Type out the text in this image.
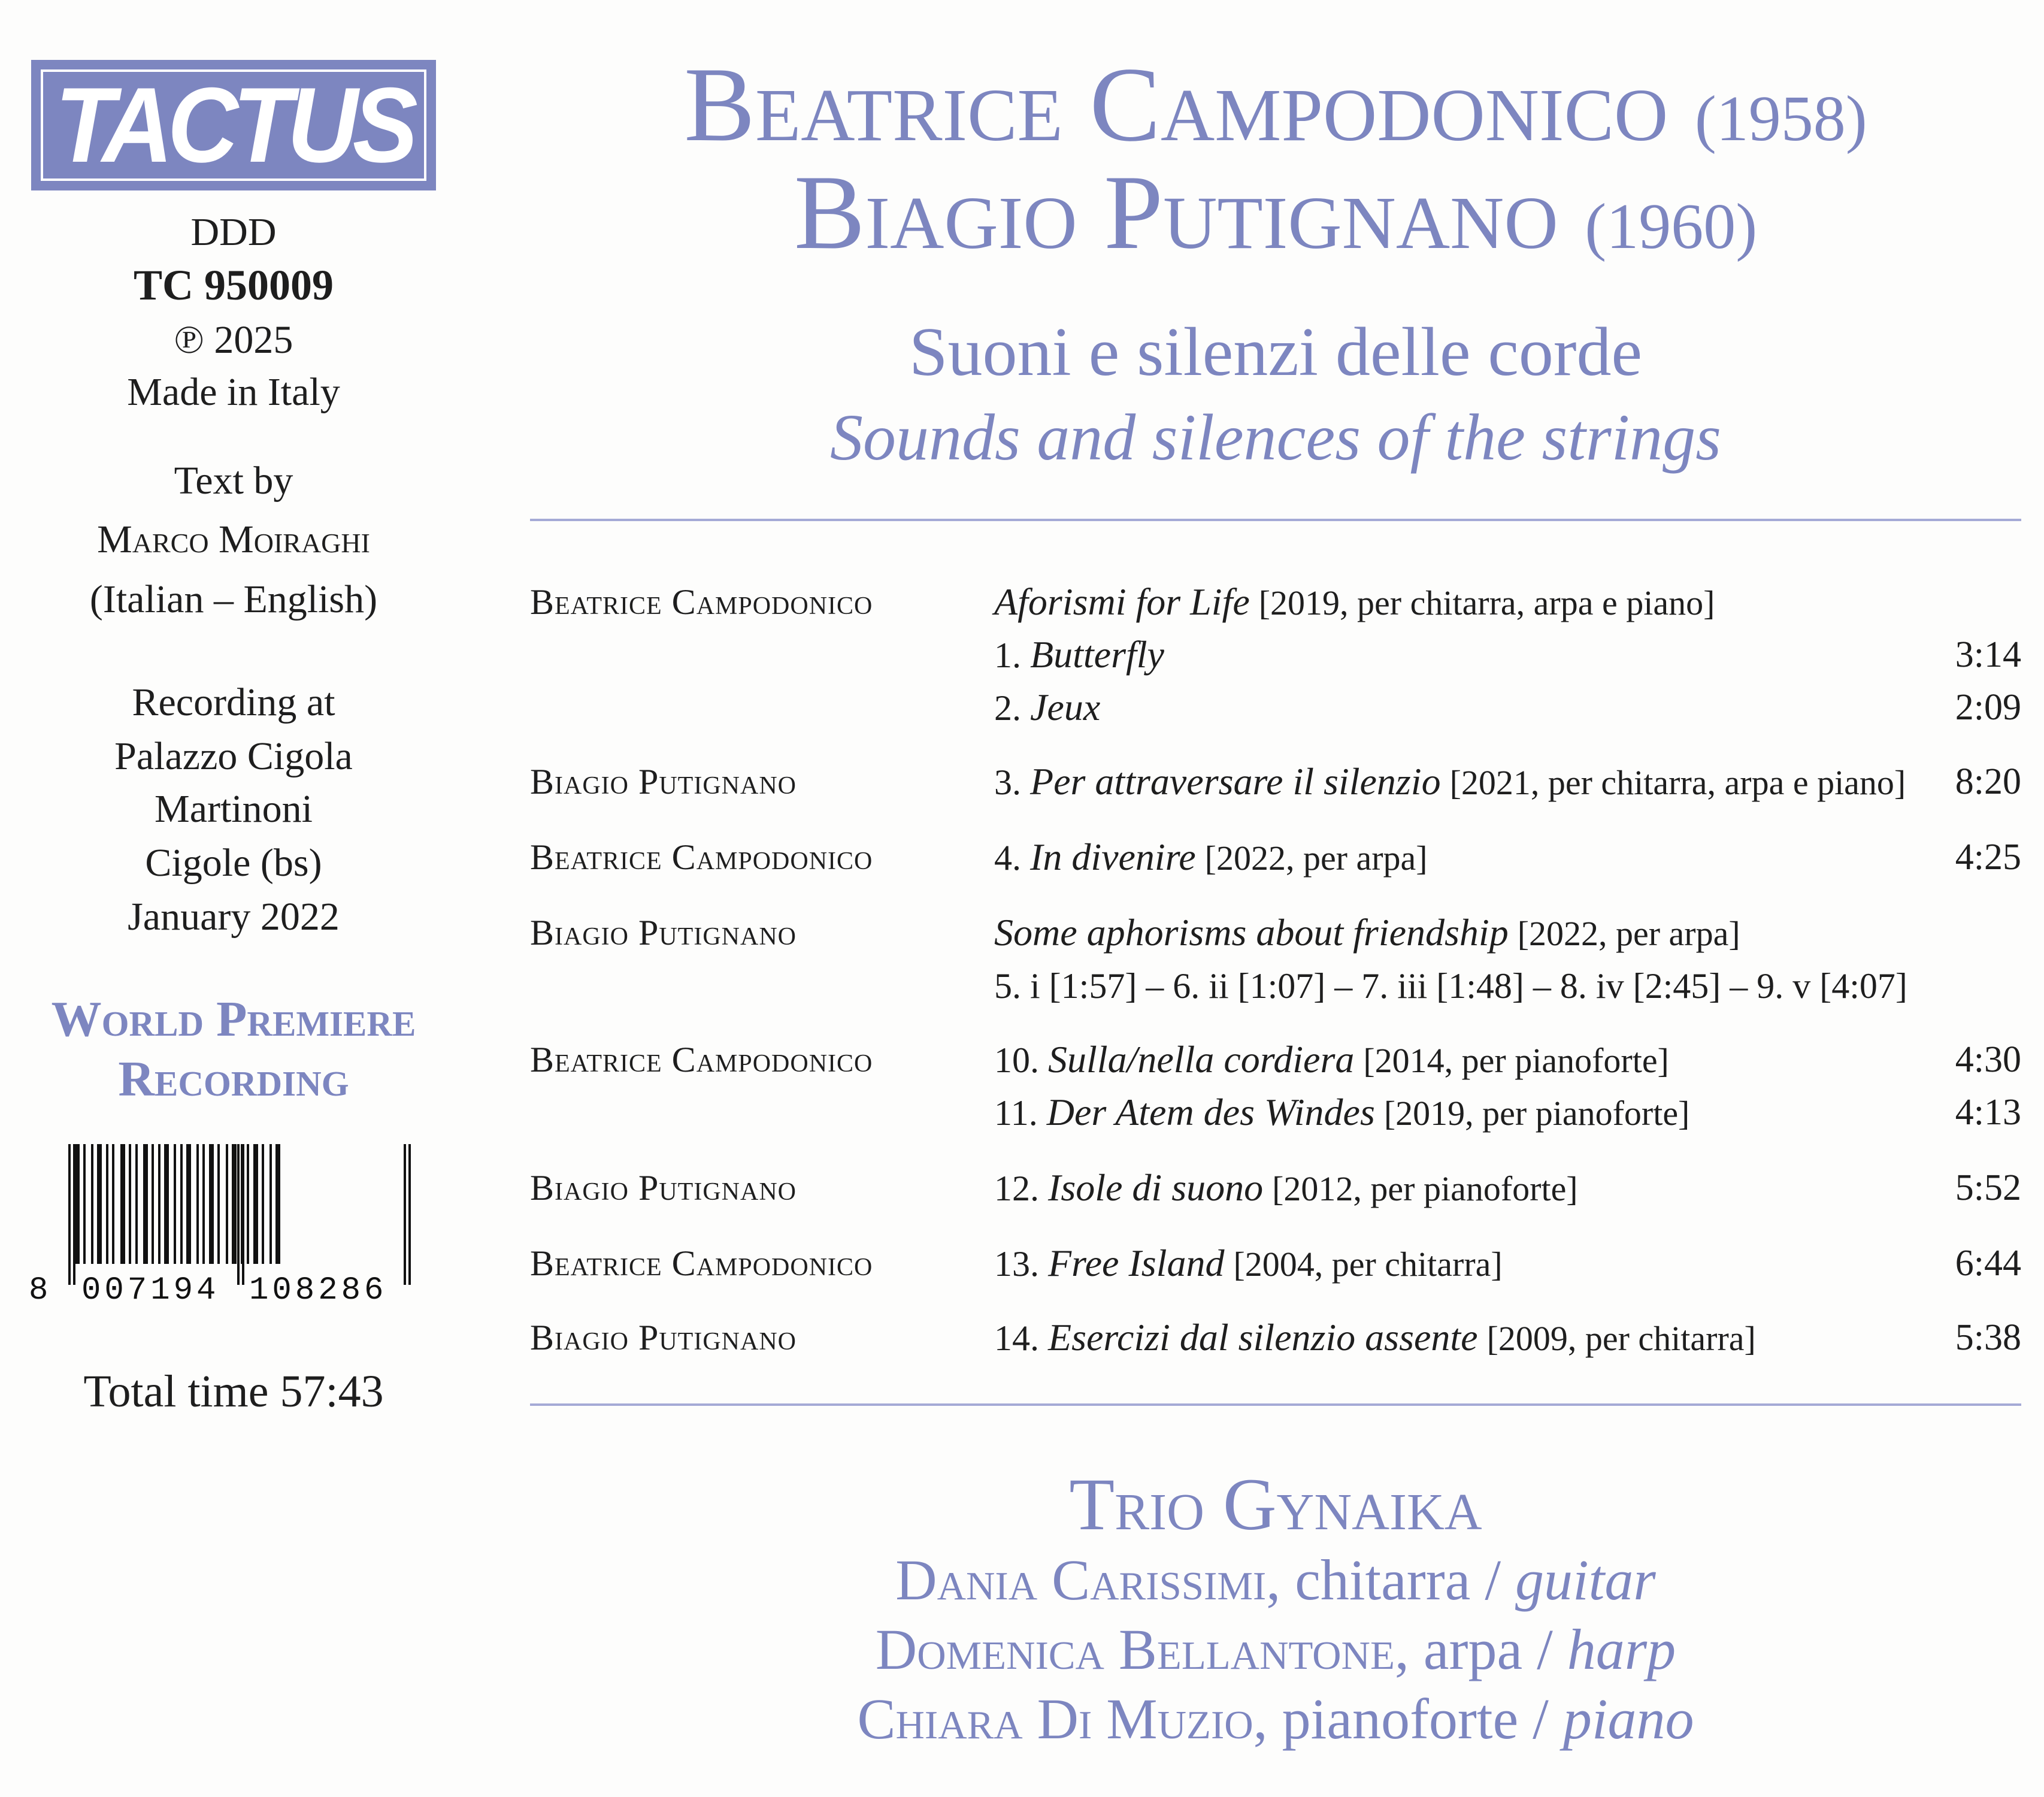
TACTUS
DDD
TC 950009
℗ 2025
Made in Italy
Text by
Marco Moiraghi
(Italian – English)
Recording at
Palazzo Cigola
Martinoni
Cigole (bs)
January 2022
World Premiere
Recording
8 007194 108286
Total time 57:43
Beatrice Campodonico (1958)
Biagio Putignano (1960)
Suoni e silenzi delle corde
Sounds and silences of the strings
Beatrice Campodonico	Aforismi for Life [2019, per chitarra, arpa e piano]
1. Butterfly	3:14
2. Jeux	2:09
Biagio Putignano	3. Per attraversare il silenzio [2021, per chitarra, arpa e piano] 8:20
Beatrice Campodonico	4. In divenire [2022, per arpa]	4:25
Biagio Putignano	Some aphorisms about friendship [2022, per arpa]
5. i [1:57] – 6. ii [1:07] – 7. iii [1:48] – 8. iv [2:45] – 9. v [4:07]
Beatrice Campodonico	10. Sulla/nella cordiera [2014, per pianoforte]	4:30
11. Der Atem des Windes [2019, per pianoforte]	4:13
Biagio Putignano	12. Isole di suono [2012, per pianoforte]	5:52
Beatrice Campodonico	13. Free Island [2004, per chitarra]	6:44
Biagio Putignano	14. Esercizi dal silenzio assente [2009, per chitarra]	5:38
Trio Gynaika
Dania Carissimi, chitarra / guitar
Domenica Bellantone, arpa / harp
Chiara Di Muzio, pianoforte / piano
